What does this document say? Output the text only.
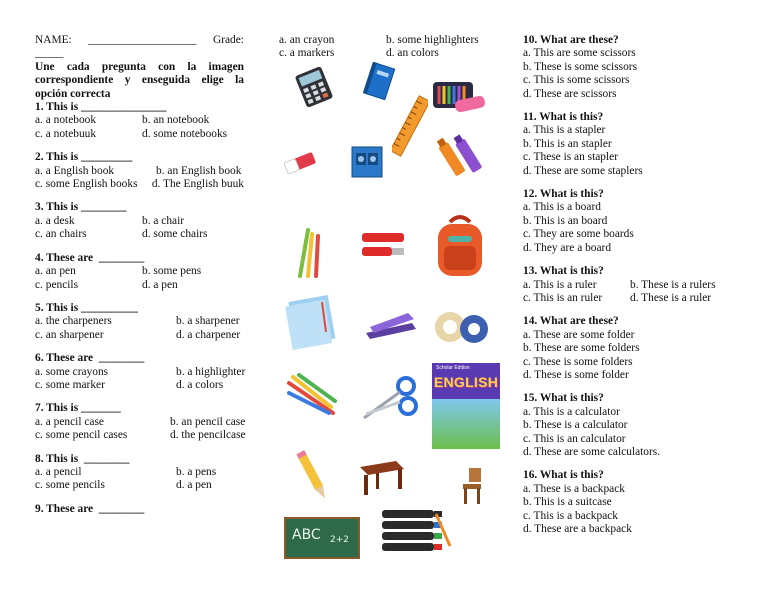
NAME: ___________________ Grade:
_____
Une cada pregunta con la imagen correspondiente y enseguida elige la opción correcta
1. This is _______________
a. a notebook	b. an notebook
c. a notebuuk	d. some notebooks
2. This is _________
a. a English book	b. an English book
c. some English books d. The English buuk
3. This is ________
a. a desk	b. a chair
c. an chairs	d. some chairs
4. These are  ________
a. an pen	b. some pens
c. pencils	d. a pen
5. This is __________
a. the charpeners	b. a sharpener
c. an sharpener	d. a charpener
6. These are  ________
a. some crayons	b. a highlighter
c. some marker	d. a colors
7. This is _______
a. a pencil case	b. an pencil case
c. some pencil cases	d. the pencilcase
8. This is  ________
a. a pencil	b. a pens
c. some pencils	d. a pen
9. These are  ________
a. an crayon	b. some highlighters
c. a markers	d. an colors
Scholar Edition
ENGLISH
ABC 2+2
10. What are these?
a. This are some scissors
b. These is some scissors
c. This is some scissors
d. These are scissors
11. What is this?
a. This is a stapler
b. This is an stapler
c. These is an stapler
d. These are some staplers
12. What is this?
a. This is a board
b. This is an board
c. They are some boards
d. They are a board
13. What is this?
a. This is a ruler	b. These is a rulers
c. This is an ruler	d. These is a ruler
14. What are these?
a. These are some folder
b. These are some folders
c. These is some folders
d. These is some folder
15. What is this?
a. This is a calculator
b. These is a calculator
c. This is an calculator
d. These are some calculators.
16. What is this?
a. These is a backpack
b. This is a suitcase
c. This is a backpack
d. These are a backpack
